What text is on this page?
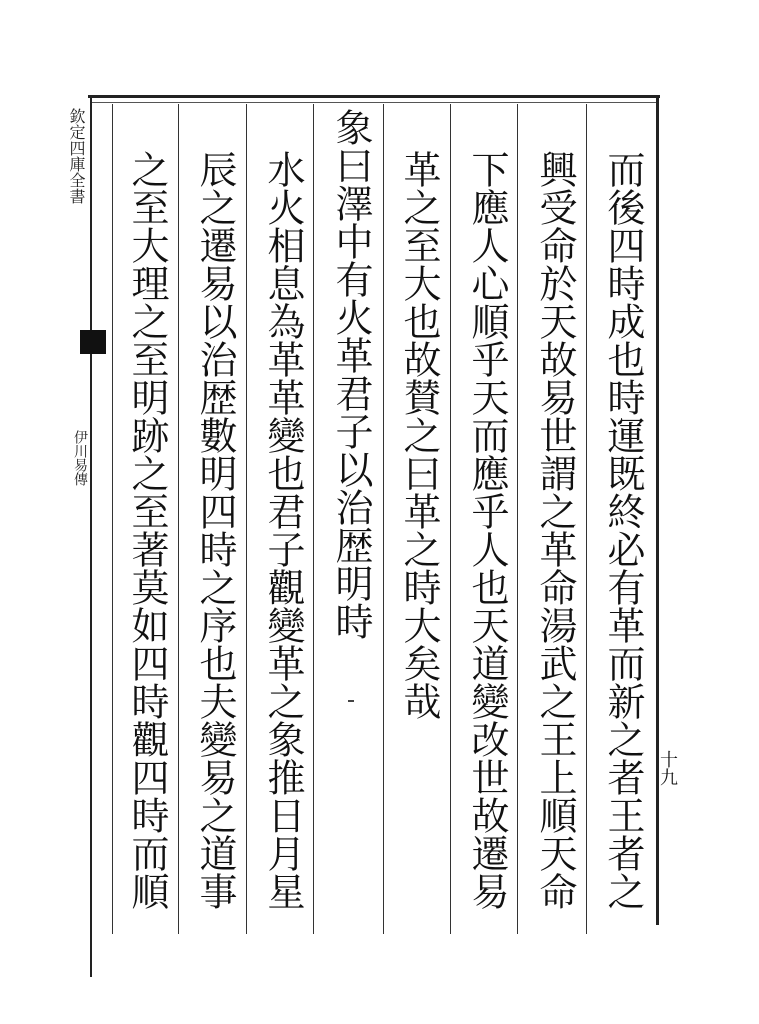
欽定四庫全書
伊川易傳
十九
而後四時成也時運既終必有革而新之者王者之
興受命於天故易世謂之革命湯武之王上順天命
下應人心順乎天而應乎人也天道變改世故遷易
革之至大也故賛之曰革之時大矣哉
象曰澤中有火革君子以治歴明時
水火相息為革革變也君子觀變革之象推日月星
辰之遷易以治歴數明四時之序也夫變易之道事
之至大理之至明跡之至著莫如四時觀四時而順
